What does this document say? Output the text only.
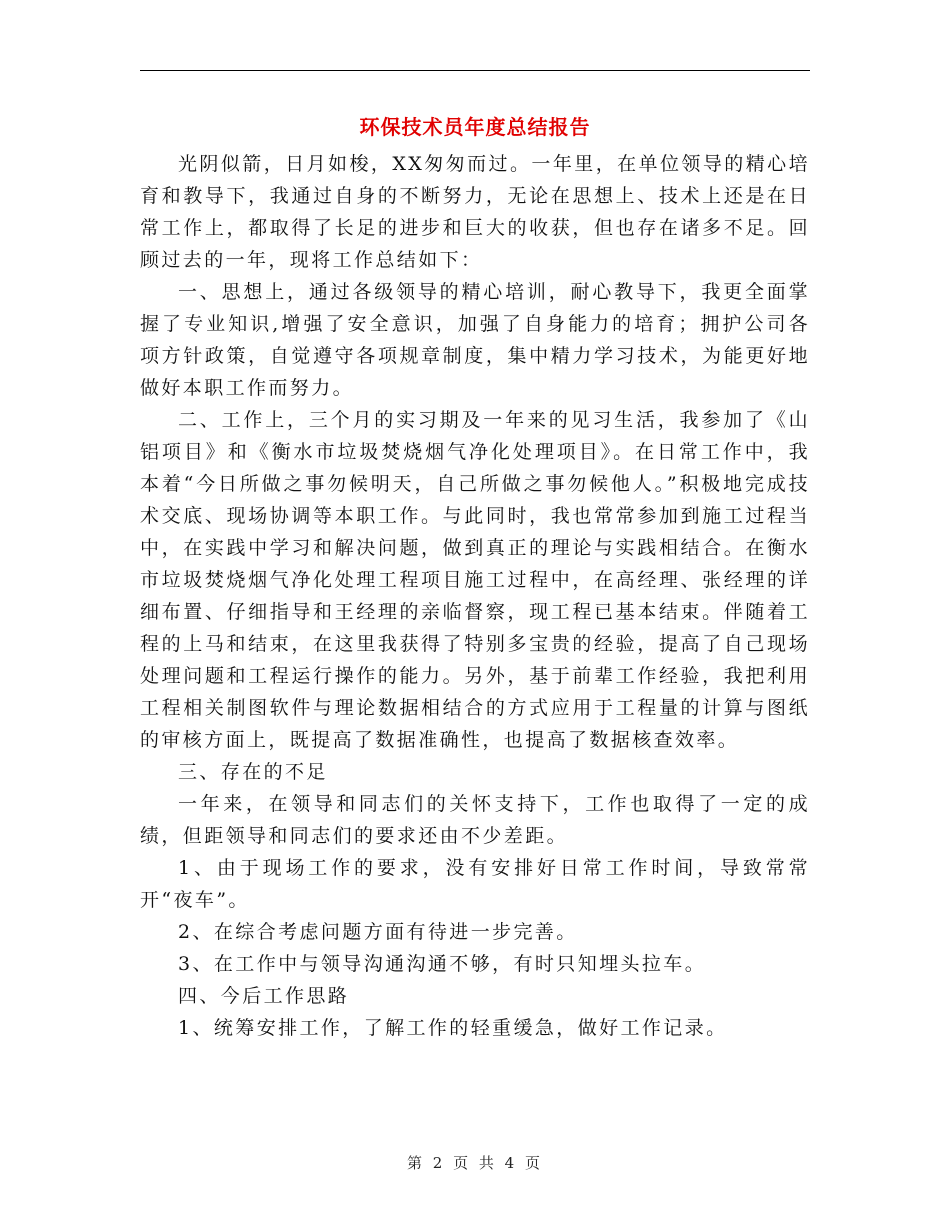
环保技术员年度总结报告

光阴似箭，日月如梭，XX匆匆而过。一年里，在单位领导的精心培育和教导下，我通过自身的不断努力，无论在思想上、技术上还是在日常工作上，都取得了长足的进步和巨大的收获，但也存在诸多不足。回顾过去的一年，现将工作总结如下：

一、思想上，通过各级领导的精心培训，耐心教导下，我更全面掌握了专业知识,增强了安全意识，加强了自身能力的培育；拥护公司各项方针政策，自觉遵守各项规章制度，集中精力学习技术，为能更好地做好本职工作而努力。

二、工作上，三个月的实习期及一年来的见习生活，我参加了《山铝项目》和《衡水市垃圾焚烧烟气净化处理项目》。在日常工作中，我本着“今日所做之事勿候明天，自己所做之事勿候他人。”积极地完成技术交底、现场协调等本职工作。与此同时，我也常常参加到施工过程当中，在实践中学习和解决问题，做到真正的理论与实践相结合。在衡水市垃圾焚烧烟气净化处理工程项目施工过程中，在高经理、张经理的详细布置、仔细指导和王经理的亲临督察，现工程已基本结束。伴随着工程的上马和结束，在这里我获得了特别多宝贵的经验，提高了自己现场处理问题和工程运行操作的能力。另外，基于前辈工作经验，我把利用工程相关制图软件与理论数据相结合的方式应用于工程量的计算与图纸的审核方面上，既提高了数据准确性，也提高了数据核查效率。

三、存在的不足

一年来，在领导和同志们的关怀支持下，工作也取得了一定的成绩，但距领导和同志们的要求还由不少差距。

1、由于现场工作的要求，没有安排好日常工作时间，导致常常开“夜车”。

2、在综合考虑问题方面有待进一步完善。

3、在工作中与领导沟通沟通不够，有时只知埋头拉车。

四、今后工作思路

1、统筹安排工作，了解工作的轻重缓急，做好工作记录。

第 2 页 共 4 页
